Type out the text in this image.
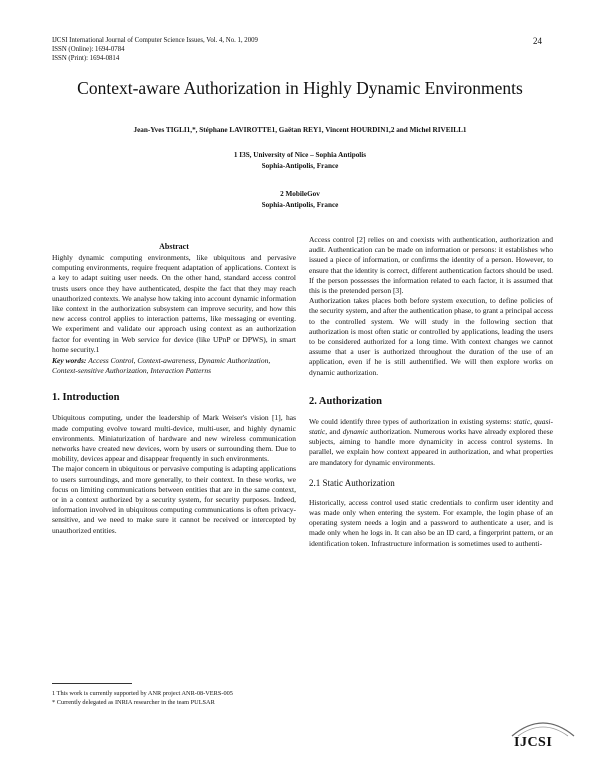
IJCSI International Journal of Computer Science Issues, Vol. 4, No. 1, 2009
ISSN (Online): 1694-0784
ISSN (Print): 1694-0814
24
Context-aware Authorization in Highly Dynamic Environments
Jean-Yves TIGLI1,*, Stéphane LAVIROTTE1, Gaëtan REY1, Vincent HOURDIN1,2 and Michel RIVEILL1
1 I3S, University of Nice – Sophia Antipolis
Sophia-Antipolis, France
2 MobileGov
Sophia-Antipolis, France
Abstract

Highly dynamic computing environments, like ubiquitous and pervasive computing environments, require frequent adaptation of applications. Context is a key to adapt suiting user needs. On the other hand, standard access control trusts users once they have authenticated, despite the fact that they may reach unauthorized contexts. We analyse how taking into account dynamic information like context in the authorization subsystem can improve security, and how this new access control applies to interaction patterns, like messaging or eventing. We experiment and validate our approach using context as an authorization factor for eventing in Web service for device (like UPnP or DPWS), in smart home security.1

Key words: Access Control, Context-awareness, Dynamic Authorization, Context-sensitive Authorization, Interaction Patterns
1. Introduction

Ubiquitous computing, under the leadership of Mark Weiser's vision [1], has made computing evolve toward multi-device, multi-user, and highly dynamic environments. Miniaturization of hardware and new wireless communication networks have created new devices, worn by users or surrounding them. Due to mobility, devices appear and disappear frequently in such environments.

The major concern in ubiquitous or pervasive computing is adapting applications to users surroundings, and more generally, to their context. In these works, we focus on limiting communications between entities that are in the same context, or in a context authorized by a security system, for security purposes. Indeed, information involved in ubiquitous computing communications is often privacy-sensitive, and we need to make sure it cannot be received or intercepted by unauthorized entities.

Access control [2] relies on and coexists with authentication, authorization and audit. Authentication can be made on information or persons: it establishes who issued a piece of information, or confirms the identity of a person. However, to ensure that the identity is correct, different authentication factors should be used. If the person possesses the information related to each factor, it is assumed that this is the pretended person [3].

Authorization takes places both before system execution, to define policies of the security system, and after the authentication phase, to grant a principal access to the controlled system. We will study in the following section that authorization is most often static or controlled by applications, leading the users to be considered authorized for a long time. With context changes we cannot assume that a user is authorized throughout the duration of the use of an application, even if he is still authentified. We will then explore works on dynamic authorization.

2. Authorization

We could identify three types of authorization in existing systems: static, quasi-static, and dynamic authorization. Numerous works have already explored these subjects, aiming to handle more dynamicity in access control systems. In parallel, we explain how context appeared in authorization, and what properties are mandatory for dynamic environments.

2.1 Static Authorization

Historically, access control used static credentials to confirm user identity and was made only when entering the system. For example, the login phase of an operating system needs a login and a password to authenticate a user, and is made only when he logs in. It can also be an ID card, a fingerprint pattern, or an identification token. Infrastructure information is sometimes used to authenti-

1 This work is currently supported by ANR project ANR-08-VERS-005
* Currently delegated as INRIA researcher in the team PULSAR
IJCSI
